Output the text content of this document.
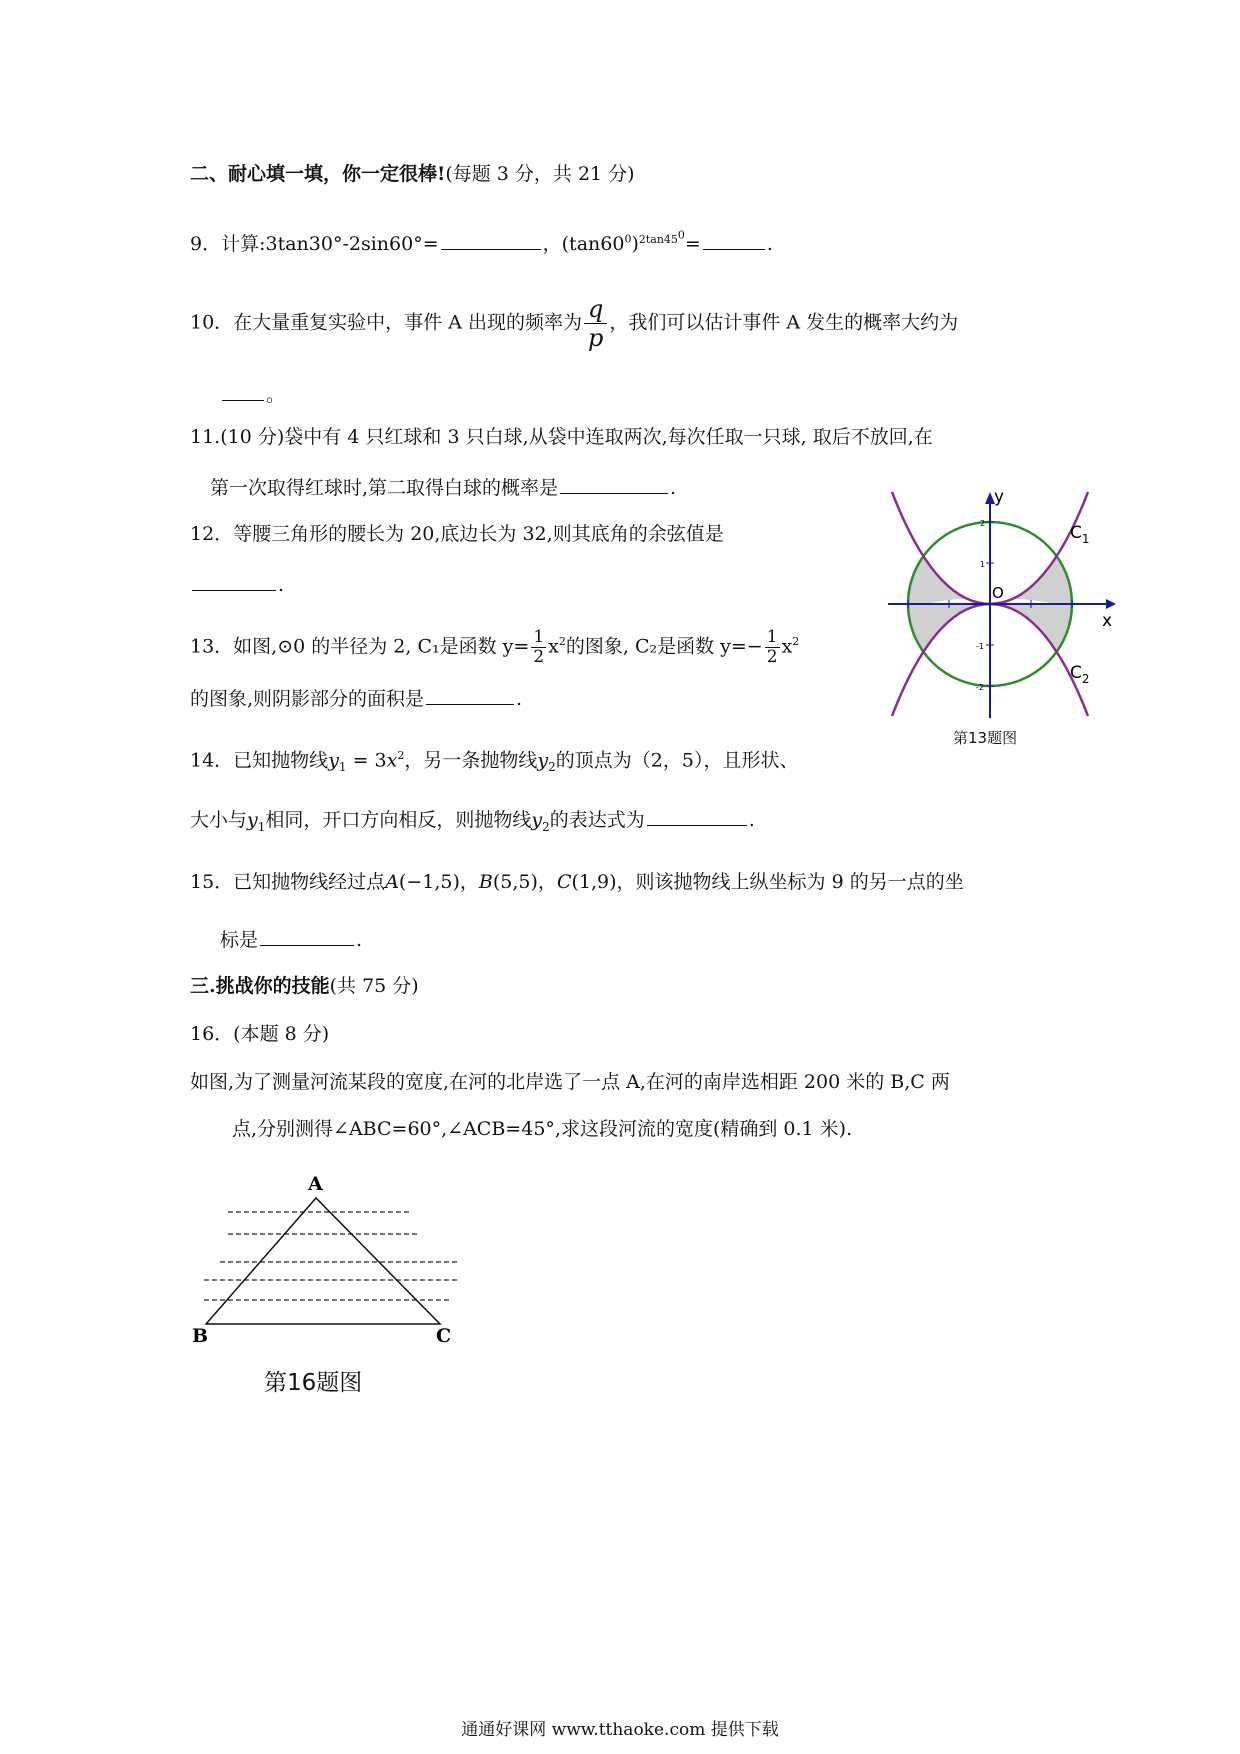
二、耐心填一填，你一定很棒!(每题 3 分，共 21 分)
9．计算:3tan30°-2sin60°=	，$(\tan 60^0)^{2tan45^0}=$	.
10．在大量重复实验中，事件 A 出现的频率为 $\frac{q}{p}$ ，我们可以估计事件 A 发生的概率大约为
。
11.(10 分)袋中有 4 只红球和 3 只白球,从袋中连取两次,每次任取一只球, 取后不放回,在
第一次取得红球时,第二取得白球的概率是	.
12．等腰三角形的腰长为 20,底边长为 32,则其底角的余弦值是
.
13．如图,⊙0 的半径为 2, C₁是函数 $y= \frac{1}{2} x^2$的图象, C₂是函数 $y=- \frac{1}{2} x^2$
的图象,则阴影部分的面积是	.
2
1
-1
-2
y
x
O
$C_1$
$C_2$
第13题图
14．已知抛物线$y_1 = 3x^2$，另一条抛物线$y_2$的顶点为（2，5），且形状、
大小与$y_1$相同，开口方向相反，则抛物线$y_2$的表达式为	.
15．已知抛物线经过点A(−1,5)，B(5,5)，C(1,9)，则该抛物线上纵坐标为 9 的另一点的坐
标是	.
三.挑战你的技能(共 75 分)
16．(本题 8 分)
如图,为了测量河流某段的宽度,在河的北岸选了一点 A,在河的南岸选相距 200 米的 B,C 两
点,分别测得∠ABC=60°,∠ACB=45°,求这段河流的宽度(精确到 0.1 米).
A
B	C
第16题图
通通好课网 www.tthaoke.com 提供下载
